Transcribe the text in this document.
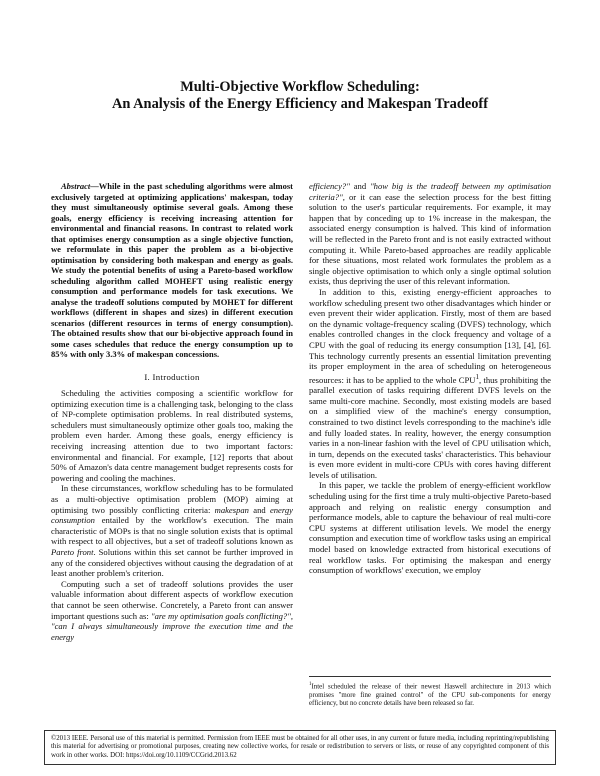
Multi-Objective Workflow Scheduling:
An Analysis of the Energy Efficiency and Makespan Tradeoff

Abstract—While in the past scheduling algorithms were almost exclusively targeted at optimizing applications' makespan, today they must simultaneously optimise several goals. Among these goals, energy efficiency is receiving increasing attention for environmental and financial reasons. In contrast to related work that optimises energy consumption as a single objective function, we reformulate in this paper the problem as a bi-objective optimisation by considering both makespan and energy as goals. We study the potential benefits of using a Pareto-based workflow scheduling algorithm called MOHEFT using realistic energy consumption and performance models for task executions. We analyse the tradeoff solutions computed by MOHET for different workflows (different in shapes and sizes) in different execution scenarios (different resources in terms of energy consumption). The obtained results show that our bi-objective approach found in some cases schedules that reduce the energy consumption up to 85% with only 3.3% of makespan concessions.

I. Introduction

Scheduling the activities composing a scientific workflow for optimizing execution time is a challenging task, belonging to the class of NP-complete optimisation problems. In real distributed systems, schedulers must simultaneously optimize other goals too, making the problem even harder. Among these goals, energy efficiency is receiving increasing attention due to two important factors: environmental and financial. For example, [12] reports that about 50% of Amazon's data centre management budget represents costs for powering and cooling the machines.

In these circumstances, workflow scheduling has to be formulated as a multi-objective optimisation problem (MOP) aiming at optimising two possibly conflicting criteria: makespan and energy consumption entailed by the workflow's execution. The main characteristic of MOPs is that no single solution exists that is optimal with respect to all objectives, but a set of tradeoff solutions known as Pareto front. Solutions within this set cannot be further improved in any of the considered objectives without causing the degradation of at least another problem's criterion.

Computing such a set of tradeoff solutions provides the user valuable information about different aspects of workflow execution that cannot be seen otherwise. Concretely, a Pareto front can answer important questions such as: "are my optimisation goals conflicting?", "can I always simultaneously improve the execution time and the energy

efficiency?" and "how big is the tradeoff between my optimisation criteria?", or it can ease the selection process for the best fitting solution to the user's particular requirements. For example, it may happen that by conceding up to 1% increase in the makespan, the associated energy consumption is halved. This kind of information will be reflected in the Pareto front and is not easily extracted without computing it. While Pareto-based approaches are readily applicable for these situations, most related work formulates the problem as a single objective optimisation to which only a single optimal solution exists, thus depriving the user of this relevant information.

In addition to this, existing energy-efficient approaches to workflow scheduling present two other disadvantages which hinder or even prevent their wider application. Firstly, most of them are based on the dynamic voltage-frequency scaling (DVFS) technology, which enables controlled changes in the clock frequency and voltage of a CPU with the goal of reducing its energy consumption [13], [4], [6]. This technology currently presents an essential limitation preventing its proper employment in the area of scheduling on heterogeneous resources: it has to be applied to the whole CPU$^1$, thus prohibiting the parallel execution of tasks requiring different DVFS levels on the same multi-core machine. Secondly, most existing models are based on a simplified view of the machine's energy consumption, constrained to two distinct levels corresponding to the machine's idle and fully loaded states. In reality, however, the energy consumption varies in a non-linear fashion with the level of CPU utilisation which, in turn, depends on the executed tasks' characteristics. This behaviour is even more evident in multi-core CPUs with cores having different levels of utilisation.

In this paper, we tackle the problem of energy-efficient workflow scheduling using for the first time a truly multi-objective Pareto-based approach and relying on realistic energy consumption and performance models, able to capture the behaviour of real multi-core CPU systems at different utilisation levels. We model the energy consumption and execution time of workflow tasks using an empirical model based on knowledge extracted from historical executions of real workflow tasks. For optimising the makespan and energy consumption of workflows' execution, we employ

$^1$Intel scheduled the release of their newest Haswell architecture in 2013 which promises "more fine grained control" of the CPU sub-components for energy efficiency, but no concrete details have been released so far.
©2013 IEEE. Personal use of this material is permitted. Permission from IEEE must be obtained for all other uses, in any current or future media, including reprinting/republishing this material for advertising or promotional purposes, creating new collective works, for resale or redistribution to servers or lists, or reuse of any copyrighted component of this work in other works. DOI: https://doi.org/10.1109/CCGrid.2013.62
